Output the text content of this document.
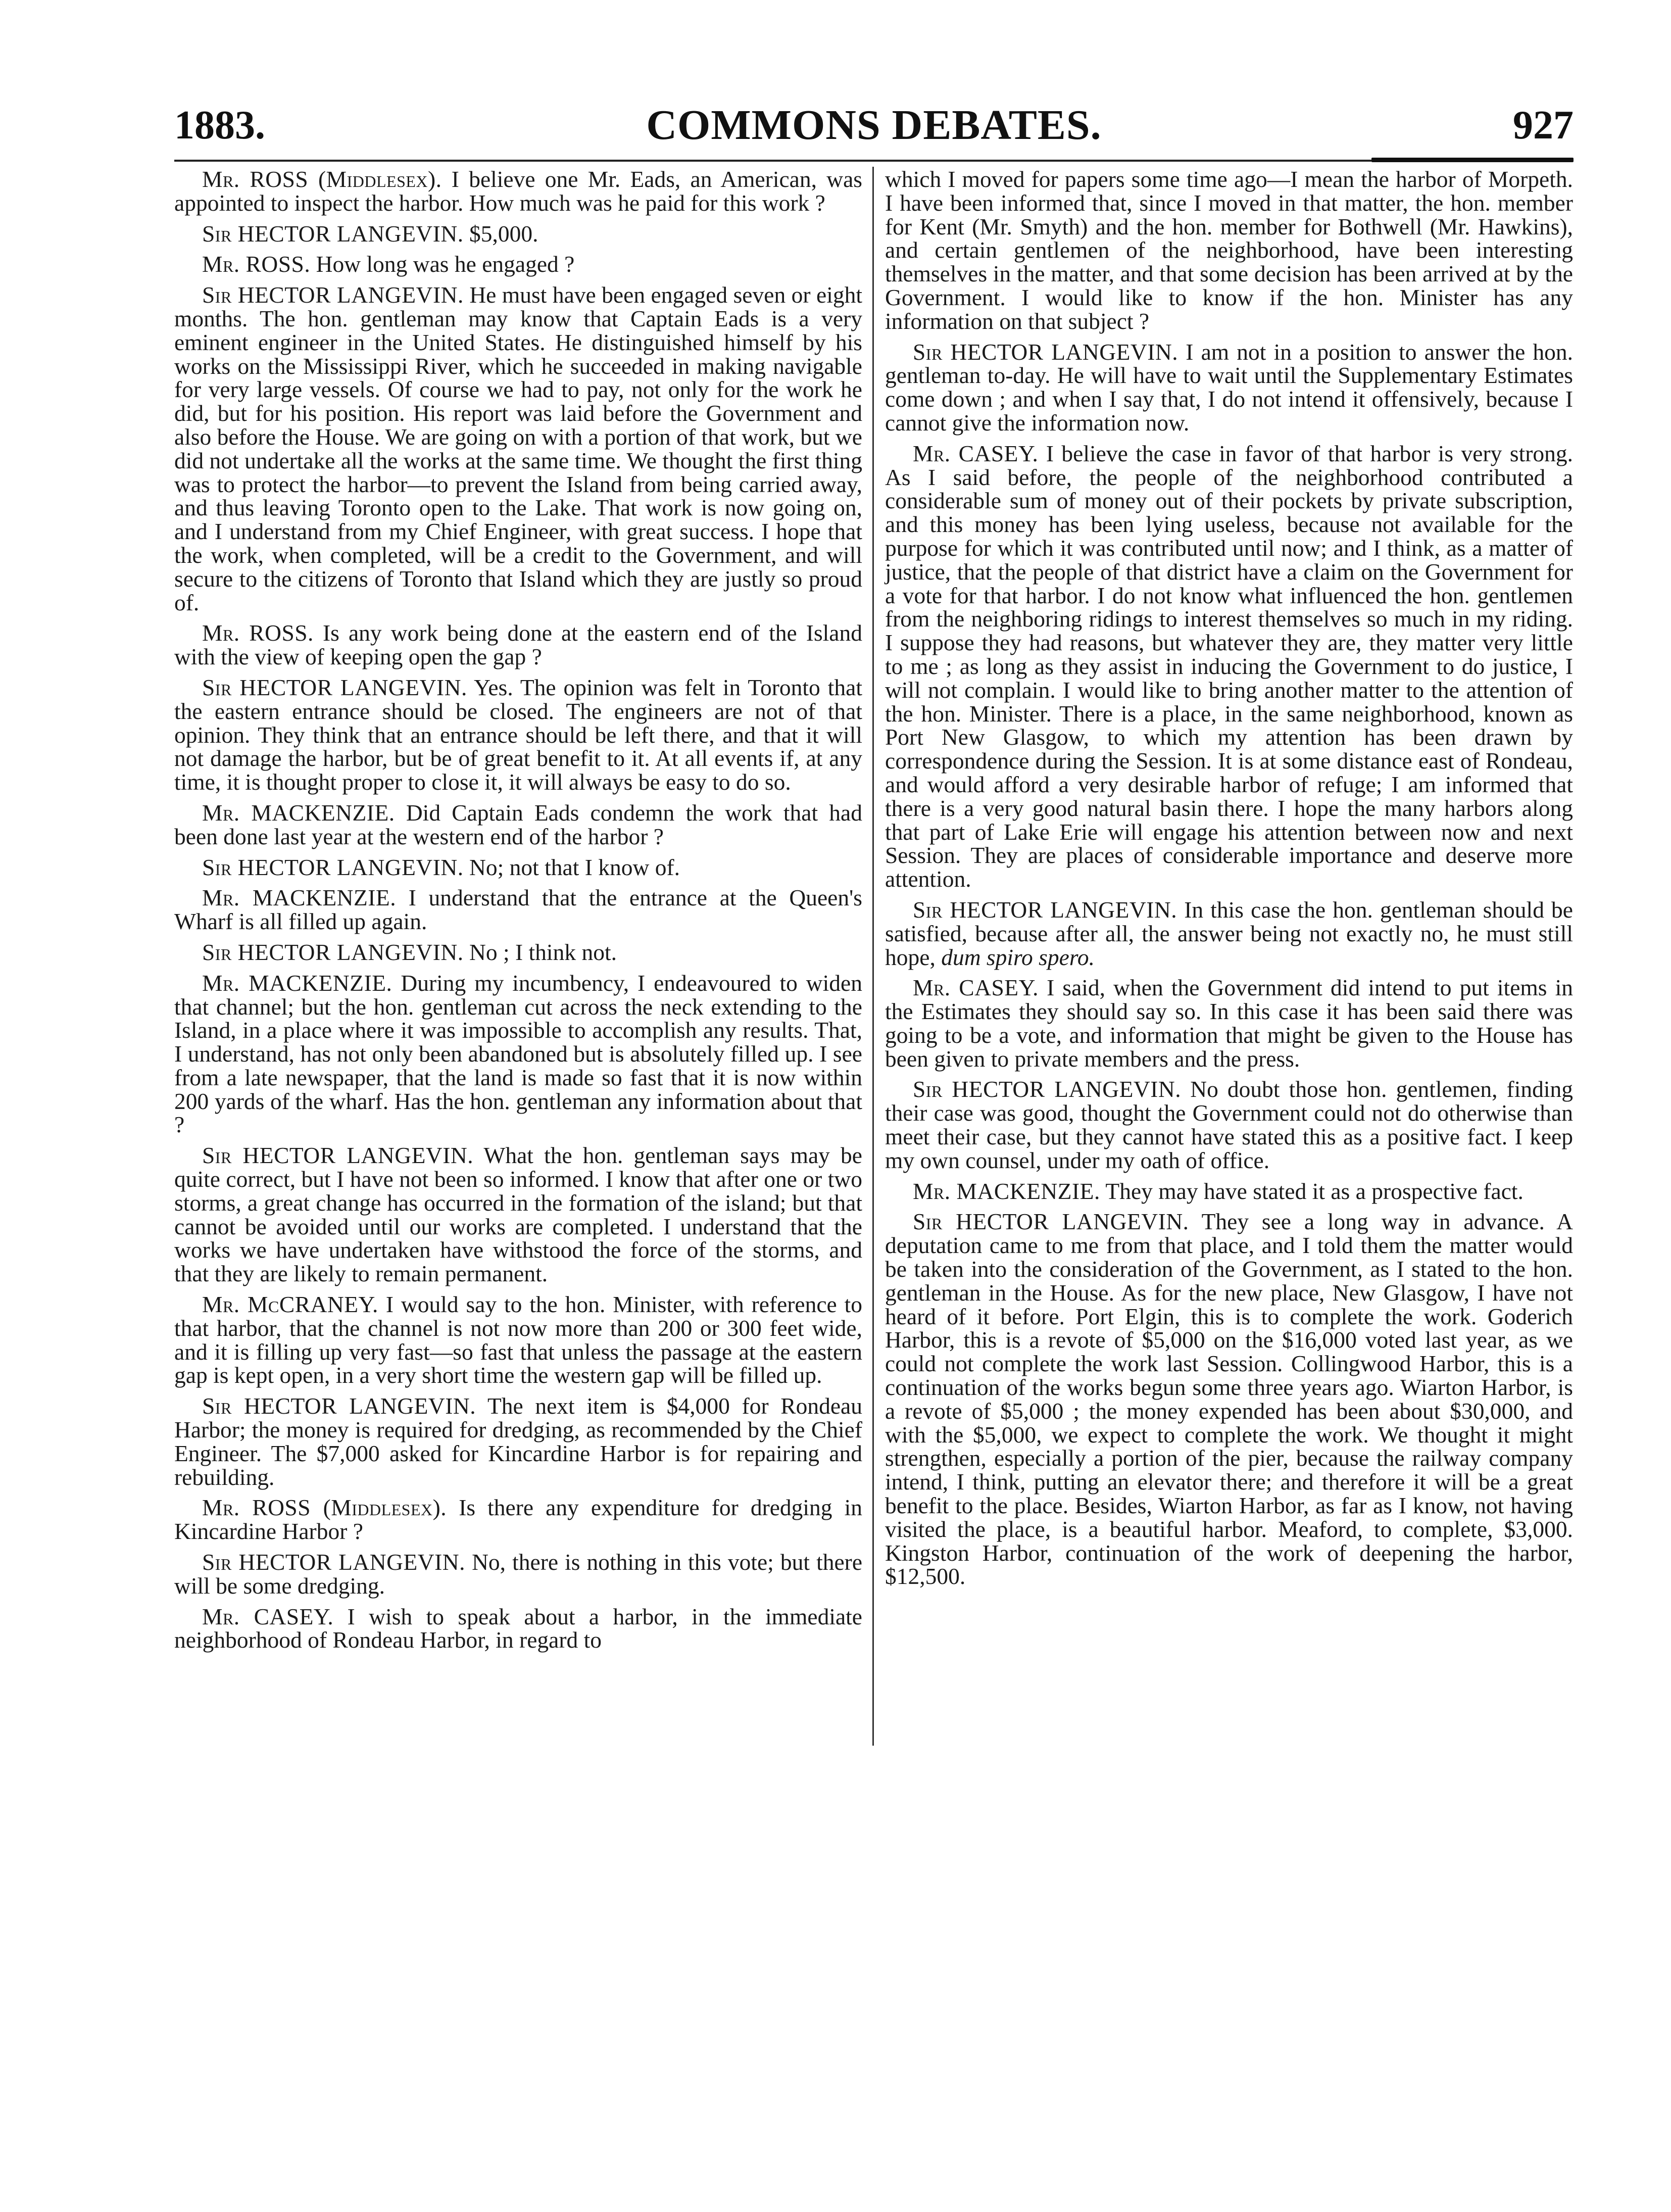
1883.	COMMONS DEBATES.	927

Mr. ROSS (Middlesex). I believe one Mr. Eads, an American, was appointed to inspect the harbor. How much was he paid for this work ?

Sir HECTOR LANGEVIN. $5,000.

Mr. ROSS. How long was he engaged ?

Sir HECTOR LANGEVIN. He must have been engaged seven or eight months. The hon. gentleman may know that Captain Eads is a very eminent engineer in the United States. He distinguished himself by his works on the Mississippi River, which he succeeded in making navigable for very large vessels. Of course we had to pay, not only for the work he did, but for his position. His report was laid before the Government and also before the House. We are going on with a portion of that work, but we did not undertake all the works at the same time. We thought the first thing was to protect the harbor—to prevent the Island from being carried away, and thus leaving Toronto open to the Lake. That work is now going on, and I understand from my Chief Engineer, with great success. I hope that the work, when completed, will be a credit to the Government, and will secure to the citizens of Toronto that Island which they are justly so proud of.

Mr. ROSS. Is any work being done at the eastern end of the Island with the view of keeping open the gap ?

Sir HECTOR LANGEVIN. Yes. The opinion was felt in Toronto that the eastern entrance should be closed. The engineers are not of that opinion. They think that an entrance should be left there, and that it will not damage the harbor, but be of great benefit to it. At all events if, at any time, it is thought proper to close it, it will always be easy to do so.

Mr. MACKENZIE. Did Captain Eads condemn the work that had been done last year at the western end of the harbor ?

Sir HECTOR LANGEVIN. No; not that I know of.

Mr. MACKENZIE. I understand that the entrance at the Queen's Wharf is all filled up again.

Sir HECTOR LANGEVIN. No ; I think not.

Mr. MACKENZIE. During my incumbency, I endeavoured to widen that channel; but the hon. gentleman cut across the neck extending to the Island, in a place where it was impossible to accomplish any results. That, I understand, has not only been abandoned but is absolutely filled up. I see from a late newspaper, that the land is made so fast that it is now within 200 yards of the wharf. Has the hon. gentleman any information about that ?

Sir HECTOR LANGEVIN. What the hon. gentleman says may be quite correct, but I have not been so informed. I know that after one or two storms, a great change has occurred in the formation of the island; but that cannot be avoided until our works are completed. I understand that the works we have undertaken have withstood the force of the storms, and that they are likely to remain permanent.

Mr. McCRANEY. I would say to the hon. Minister, with reference to that harbor, that the channel is not now more than 200 or 300 feet wide, and it is filling up very fast—so fast that unless the passage at the eastern gap is kept open, in a very short time the western gap will be filled up.

Sir HECTOR LANGEVIN. The next item is $4,000 for Rondeau Harbor; the money is required for dredging, as recommended by the Chief Engineer. The $7,000 asked for Kincardine Harbor is for repairing and rebuilding.

Mr. ROSS (Middlesex). Is there any expenditure for dredging in Kincardine Harbor ?

Sir HECTOR LANGEVIN. No, there is nothing in this vote; but there will be some dredging.

Mr. CASEY. I wish to speak about a harbor, in the immediate neighborhood of Rondeau Harbor, in regard to

which I moved for papers some time ago—I mean the harbor of Morpeth. I have been informed that, since I moved in that matter, the hon. member for Kent (Mr. Smyth) and the hon. member for Bothwell (Mr. Hawkins), and certain gentlemen of the neighborhood, have been interesting themselves in the matter, and that some decision has been arrived at by the Government. I would like to know if the hon. Minister has any information on that subject ?

Sir HECTOR LANGEVIN. I am not in a position to answer the hon. gentleman to-day. He will have to wait until the Supplementary Estimates come down ; and when I say that, I do not intend it offensively, because I cannot give the information now.

Mr. CASEY. I believe the case in favor of that harbor is very strong. As I said before, the people of the neighborhood contributed a considerable sum of money out of their pockets by private subscription, and this money has been lying useless, because not available for the purpose for which it was contributed until now; and I think, as a matter of justice, that the people of that district have a claim on the Government for a vote for that harbor. I do not know what influenced the hon. gentlemen from the neighboring ridings to interest themselves so much in my riding. I suppose they had reasons, but whatever they are, they matter very little to me ; as long as they assist in inducing the Government to do justice, I will not complain. I would like to bring another matter to the attention of the hon. Minister. There is a place, in the same neighborhood, known as Port New Glasgow, to which my attention has been drawn by correspondence during the Session. It is at some distance east of Rondeau, and would afford a very desirable harbor of refuge; I am informed that there is a very good natural basin there. I hope the many harbors along that part of Lake Erie will engage his attention between now and next Session. They are places of considerable importance and deserve more attention.

Sir HECTOR LANGEVIN. In this case the hon. gentleman should be satisfied, because after all, the answer being not exactly no, he must still hope, dum spiro spero.

Mr. CASEY. I said, when the Government did intend to put items in the Estimates they should say so. In this case it has been said there was going to be a vote, and information that might be given to the House has been given to private members and the press.

Sir HECTOR LANGEVIN. No doubt those hon. gentlemen, finding their case was good, thought the Government could not do otherwise than meet their case, but they cannot have stated this as a positive fact. I keep my own counsel, under my oath of office.

Mr. MACKENZIE. They may have stated it as a prospective fact.

Sir HECTOR LANGEVIN. They see a long way in advance. A deputation came to me from that place, and I told them the matter would be taken into the consideration of the Government, as I stated to the hon. gentleman in the House. As for the new place, New Glasgow, I have not heard of it before. Port Elgin, this is to complete the work. Goderich Harbor, this is a revote of $5,000 on the $16,000 voted last year, as we could not complete the work last Session. Collingwood Harbor, this is a continuation of the works begun some three years ago. Wiarton Harbor, is a revote of $5,000 ; the money expended has been about $30,000, and with the $5,000, we expect to complete the work. We thought it might strengthen, especially a portion of the pier, because the railway company intend, I think, putting an elevator there; and therefore it will be a great benefit to the place. Besides, Wiarton Harbor, as far as I know, not having visited the place, is a beautiful harbor. Meaford, to complete, $3,000. Kingston Harbor, continuation of the work of deepening the harbor, $12,500.
